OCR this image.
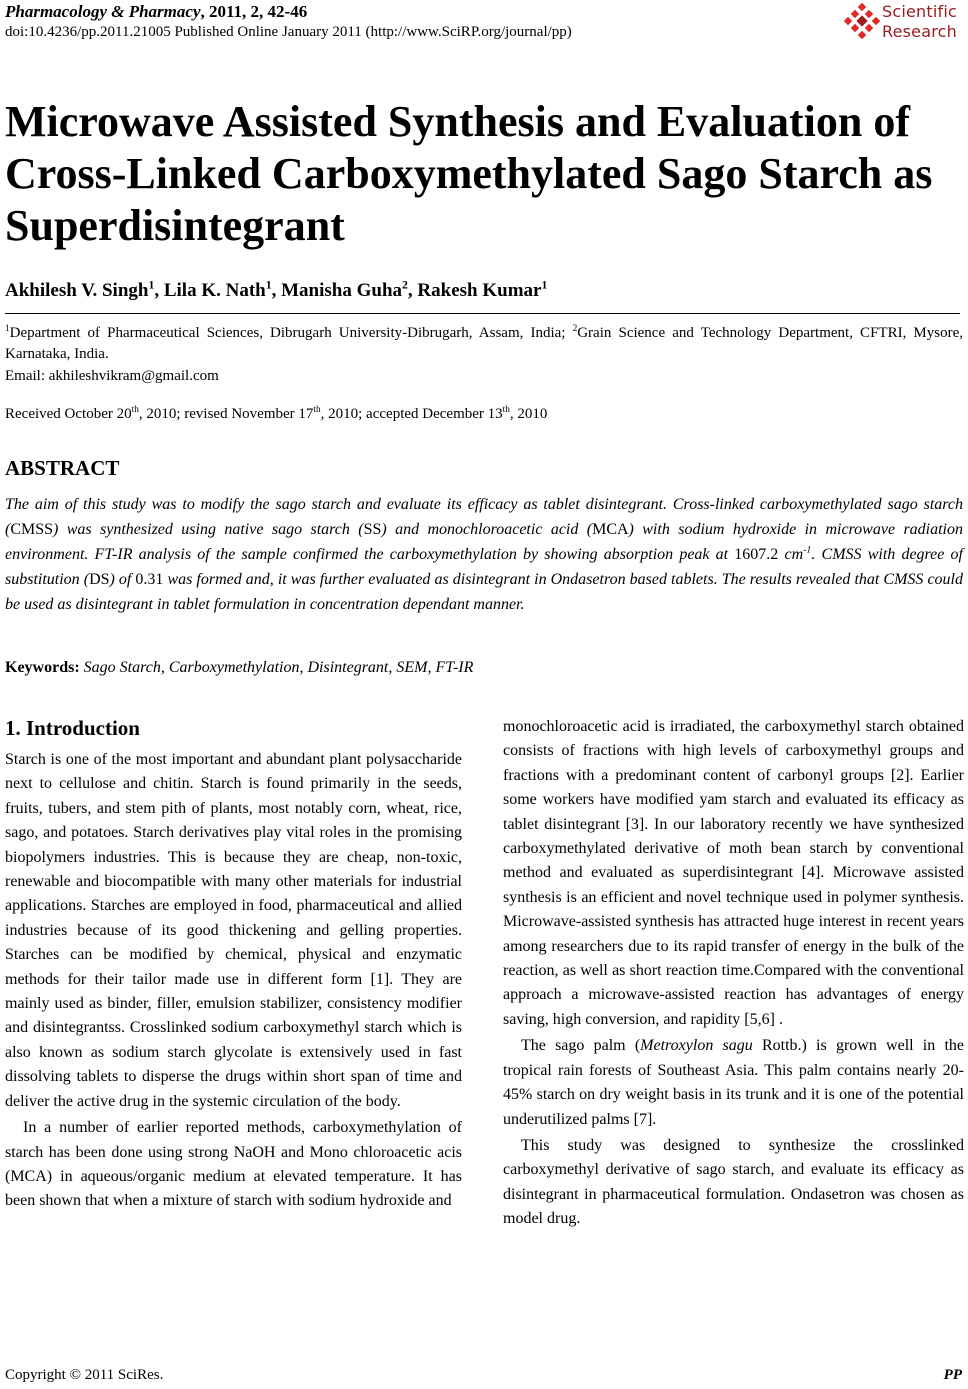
Pharmacology & Pharmacy, 2011, 2, 42-46
doi:10.4236/pp.2011.21005 Published Online January 2011 (http://www.SciRP.org/journal/pp)
Scientific
Research
Microwave Assisted Synthesis and Evaluation of Cross-Linked Carboxymethylated Sago Starch as Superdisintegrant
Akhilesh V. Singh$^1$, Lila K. Nath$^1$, Manisha Guha$^2$, Rakesh Kumar$^1$
$^1$Department of Pharmaceutical Sciences, Dibrugarh University-Dibrugarh, Assam, India; $^2$Grain Science and Technology Department, CFTRI, Mysore, Karnataka, India.
Email: akhileshvikram@gmail.com
Received October 20th, 2010; revised November 17th, 2010; accepted December 13th, 2010
ABSTRACT
The aim of this study was to modify the sago starch and evaluate its efficacy as tablet disintegrant. Cross-linked carboxymethylated sago starch (CMSS) was synthesized using native sago starch (SS) and monochloroacetic acid (MCA) with sodium hydroxide in microwave radiation environment. FT-IR analysis of the sample confirmed the carboxymethylation by showing absorption peak at 1607.2 $cm^{-1}$. CMSS with degree of substitution (DS) of 0.31 was formed and, it was further evaluated as disintegrant in Ondasetron based tablets. The results revealed that CMSS could be used as disintegrant in tablet formulation in concentration dependant manner.
Keywords: Sago Starch, Carboxymethylation, Disintegrant, SEM, FT-IR
1. Introduction

Starch is one of the most important and abundant plant polysaccharide next to cellulose and chitin. Starch is found primarily in the seeds, fruits, tubers, and stem pith of plants, most notably corn, wheat, rice, sago, and potatoes. Starch derivatives play vital roles in the promising biopolymers industries. This is because they are cheap, non-toxic, renewable and biocompatible with many other materials for industrial applications. Starches are employed in food, pharmaceutical and allied industries because of its good thickening and gelling properties. Starches can be modified by chemical, physical and enzymatic methods for their tailor made use in different form [1]. They are mainly used as binder, filler, emulsion stabilizer, consistency modifier and disintegrantss. Crosslinked sodium carboxymethyl starch which is also known as sodium starch glycolate is extensively used in fast dissolving tablets to disperse the drugs within short span of time and deliver the active drug in the systemic circulation of the body.

In a number of earlier reported methods, carboxymethylation of starch has been done using strong NaOH and Mono chloroacetic acis (MCA) in aqueous/organic medium at elevated temperature. It has been shown that when a mixture of starch with sodium hydroxide and

monochloroacetic acid is irradiated, the carboxymethyl starch obtained consists of fractions with high levels of carboxymethyl groups and fractions with a predominant content of carbonyl groups [2]. Earlier some workers have modified yam starch and evaluated its efficacy as tablet disintegrant [3]. In our laboratory recently we have synthesized carboxymethylated derivative of moth bean starch by conventional method and evaluated as superdisintegrant [4]. Microwave assisted synthesis is an efficient and novel technique used in polymer synthesis. Microwave-assisted synthesis has attracted huge interest in recent years among researchers due to its rapid transfer of energy in the bulk of the reaction, as well as short reaction time.Compared with the conventional approach a microwave-assisted reaction has advantages of energy saving, high conversion, and rapidity [5,6] .

The sago palm (Metroxylon sagu Rottb.) is grown well in the tropical rain forests of Southeast Asia. This palm contains nearly 20-45% starch on dry weight basis in its trunk and it is one of the potential underutilized palms [7].

This study was designed to synthesize the crosslinked carboxymethyl derivative of sago starch, and evaluate its efficacy as disintegrant in pharmaceutical formulation. Ondasetron was chosen as model drug.

Copyright © 2011 SciRes.	PP
